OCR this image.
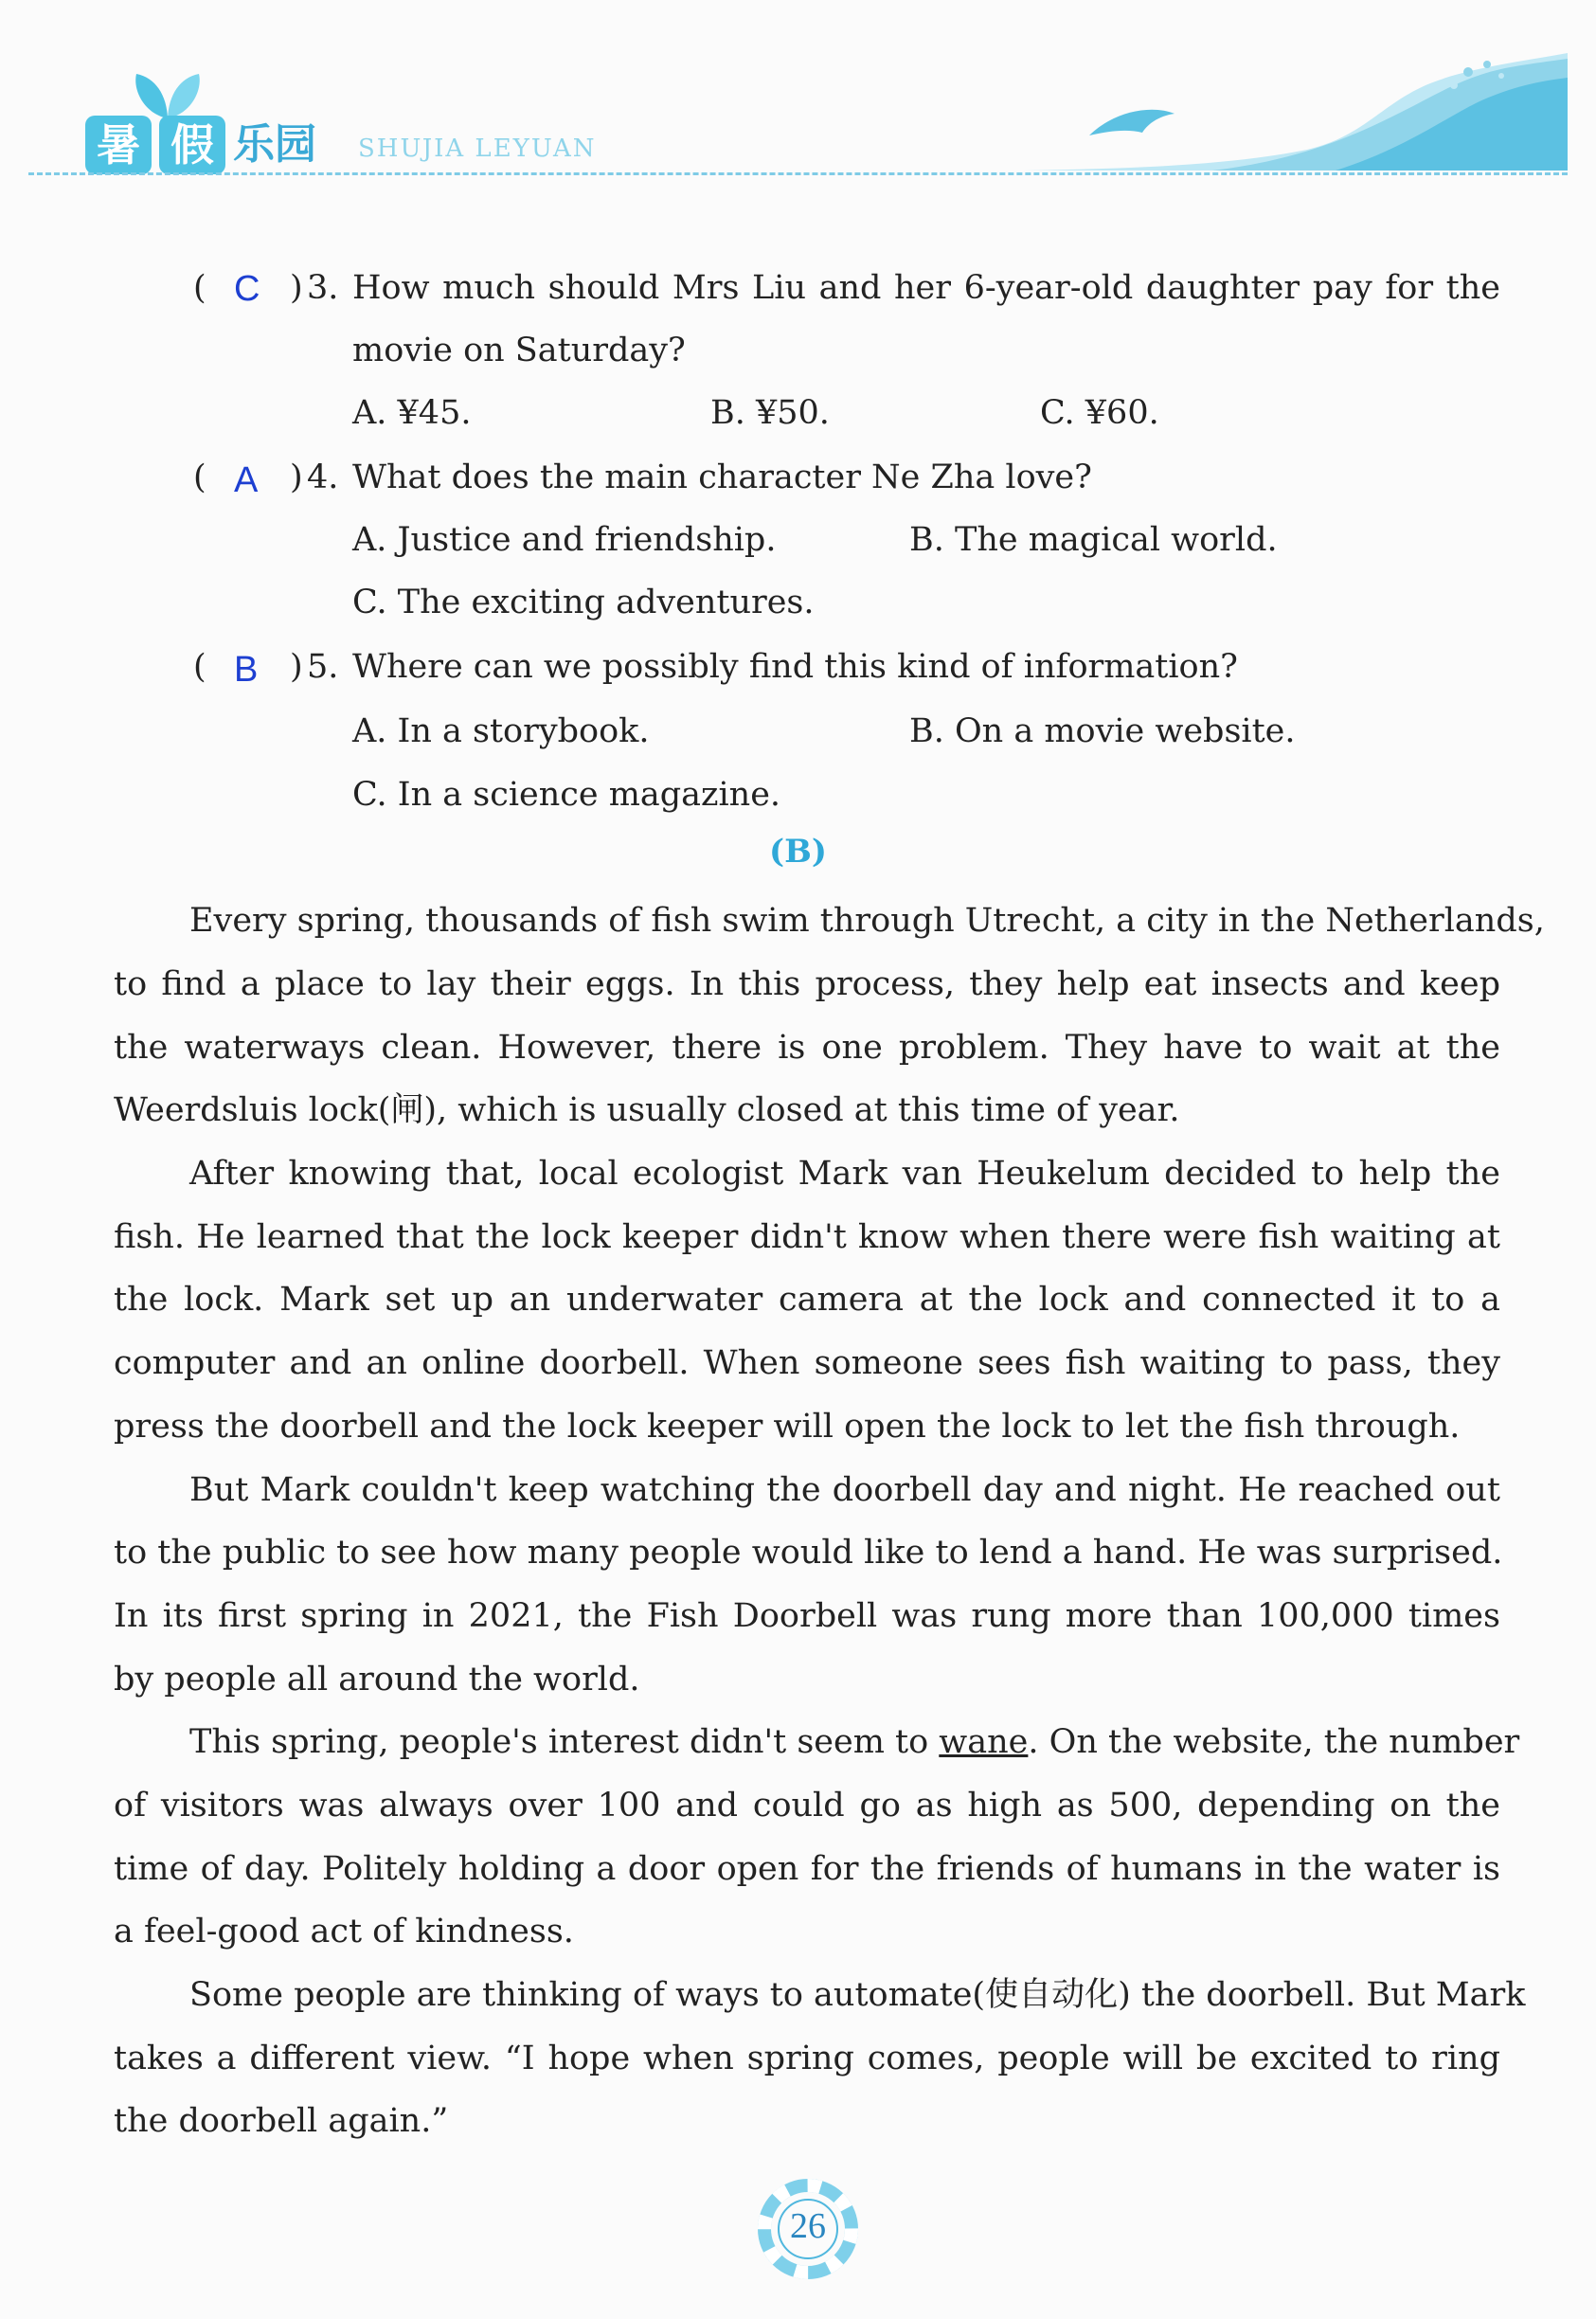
暑 假 乐园 SHUJIA LEYUAN
( C ) 3. How much should Mrs Liu and her 6-year-old daughter pay for the
movie on Saturday?
A. ¥45.	B. ¥50.	C. ¥60.
( A ) 4. What does the main character Ne Zha love?
A. Justice and friendship.	B. The magical world.
C. The exciting adventures.
( B ) 5. Where can we possibly find this kind of information?
A. In a storybook.	B. On a movie website.
C. In a science magazine.
(B)
Every spring, thousands of fish swim through Utrecht, a city in the Netherlands,
to find a place to lay their eggs. In this process, they help eat insects and keep
the waterways clean. However, there is one problem. They have to wait at the
Weerdsluis lock(闸), which is usually closed at this time of year.
After knowing that, local ecologist Mark van Heukelum decided to help the
fish. He learned that the lock keeper didn't know when there were fish waiting at
the lock. Mark set up an underwater camera at the lock and connected it to a
computer and an online doorbell. When someone sees fish waiting to pass, they
press the doorbell and the lock keeper will open the lock to let the fish through.
But Mark couldn't keep watching the doorbell day and night. He reached out
to the public to see how many people would like to lend a hand. He was surprised.
In its first spring in 2021, the Fish Doorbell was rung more than 100,000 times
by people all around the world.
This spring, people's interest didn't seem to wane. On the website, the number
of visitors was always over 100 and could go as high as 500, depending on the
time of day. Politely holding a door open for the friends of humans in the water is
a feel-good act of kindness.
Some people are thinking of ways to automate(使自动化) the doorbell. But Mark
takes a different view. “I hope when spring comes, people will be excited to ring
the doorbell again.”
26
